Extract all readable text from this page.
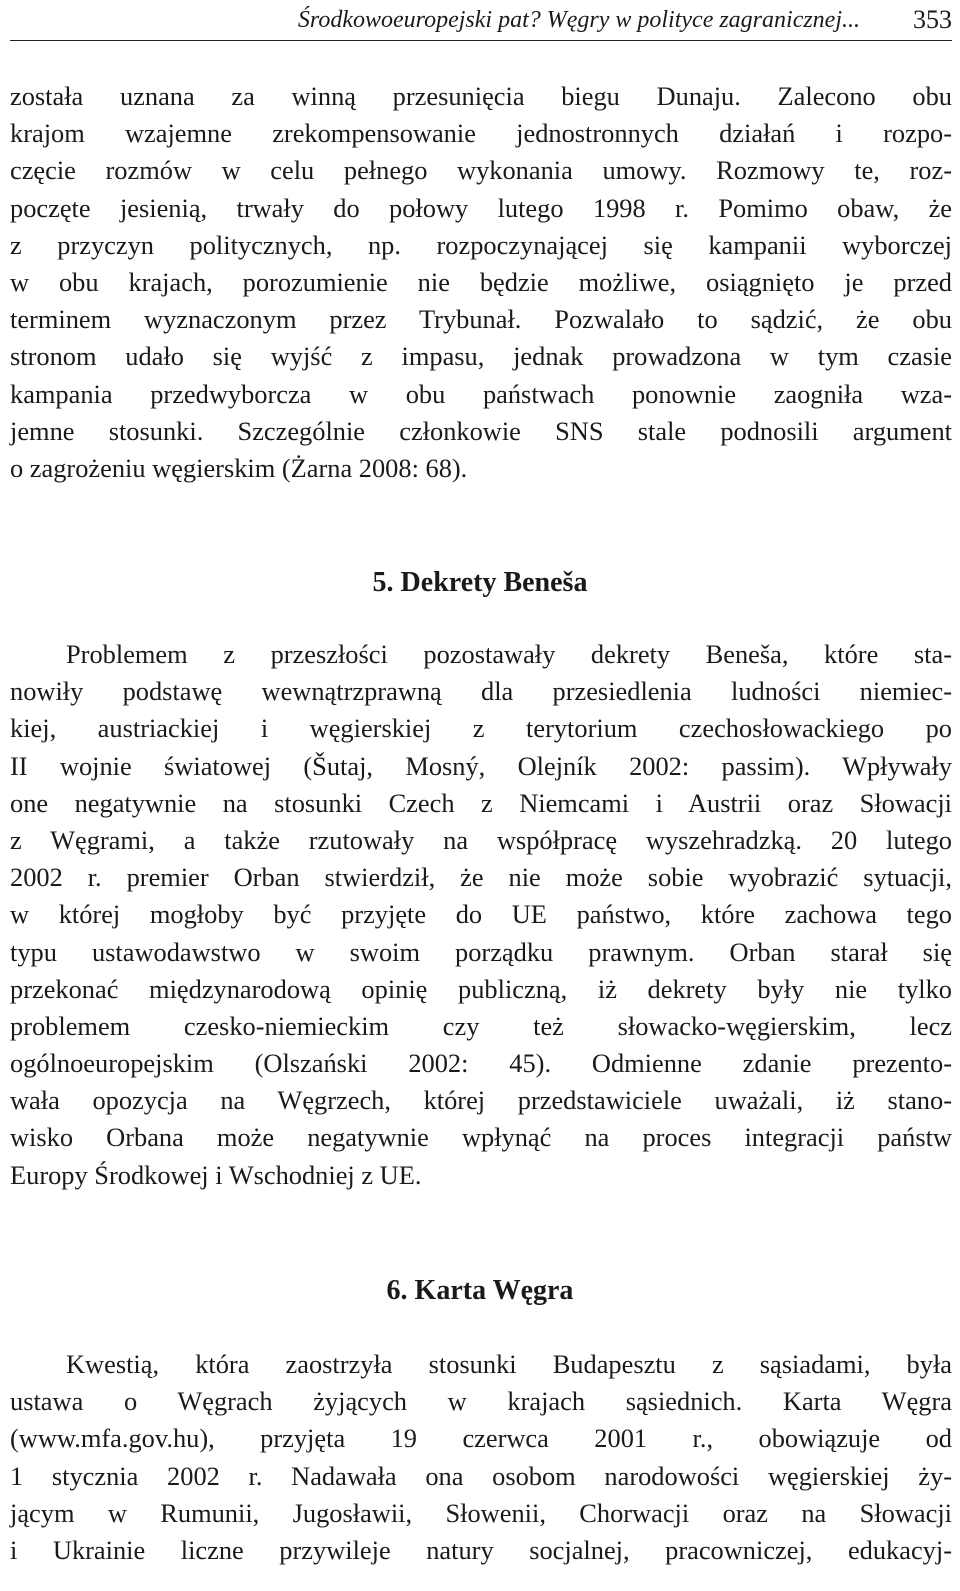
Środkowoeuropejski pat? Węgry w polityce zagranicznej... 353
została uznana za winną przesunięcia biegu Dunaju. Zalecono obu
krajom wzajemne zrekompensowanie jednostronnych działań i rozpo-
częcie rozmów w celu pełnego wykonania umowy. Rozmowy te, roz-
poczęte jesienią, trwały do połowy lutego 1998 r. Pomimo obaw, że
z przyczyn politycznych, np. rozpoczynającej się kampanii wyborczej
w obu krajach, porozumienie nie będzie możliwe, osiągnięto je przed
terminem wyznaczonym przez Trybunał. Pozwalało to sądzić, że obu
stronom udało się wyjść z impasu, jednak prowadzona w tym czasie
kampania przedwyborcza w obu państwach ponownie zaogniła wza-
jemne stosunki. Szczególnie członkowie SNS stale podnosili argument
o zagrożeniu węgierskim (Żarna 2008: 68).
5. Dekrety Beneša
Problemem z przeszłości pozostawały dekrety Beneša, które sta-
nowiły podstawę wewnątrzprawną dla przesiedlenia ludności niemiec-
kiej, austriackiej i węgierskiej z terytorium czechosłowackiego po
II wojnie światowej (Šutaj, Mosný, Olejník 2002: passim). Wpływały
one negatywnie na stosunki Czech z Niemcami i Austrii oraz Słowacji
z Węgrami, a także rzutowały na współpracę wyszehradzką. 20 lutego
2002 r. premier Orban stwierdził, że nie może sobie wyobrazić sytuacji,
w której mogłoby być przyjęte do UE państwo, które zachowa tego
typu ustawodawstwo w swoim porządku prawnym. Orban starał się
przekonać międzynarodową opinię publiczną, iż dekrety były nie tylko
problemem czesko-niemieckim czy też słowacko-węgierskim, lecz
ogólnoeuropejskim (Olszański 2002: 45). Odmienne zdanie prezento-
wała opozycja na Węgrzech, której przedstawiciele uważali, iż stano-
wisko Orbana może negatywnie wpłynąć na proces integracji państw
Europy Środkowej i Wschodniej z UE.
6. Karta Węgra
Kwestią, która zaostrzyła stosunki Budapesztu z sąsiadami, była
ustawa o Węgrach żyjących w krajach sąsiednich. Karta Węgra
(www.mfa.gov.hu), przyjęta 19 czerwca 2001 r., obowiązuje od
1 stycznia 2002 r. Nadawała ona osobom narodowości węgierskiej ży-
jącym w Rumunii, Jugosławii, Słowenii, Chorwacji oraz na Słowacji
i Ukrainie liczne przywileje natury socjalnej, pracowniczej, edukacyj-
